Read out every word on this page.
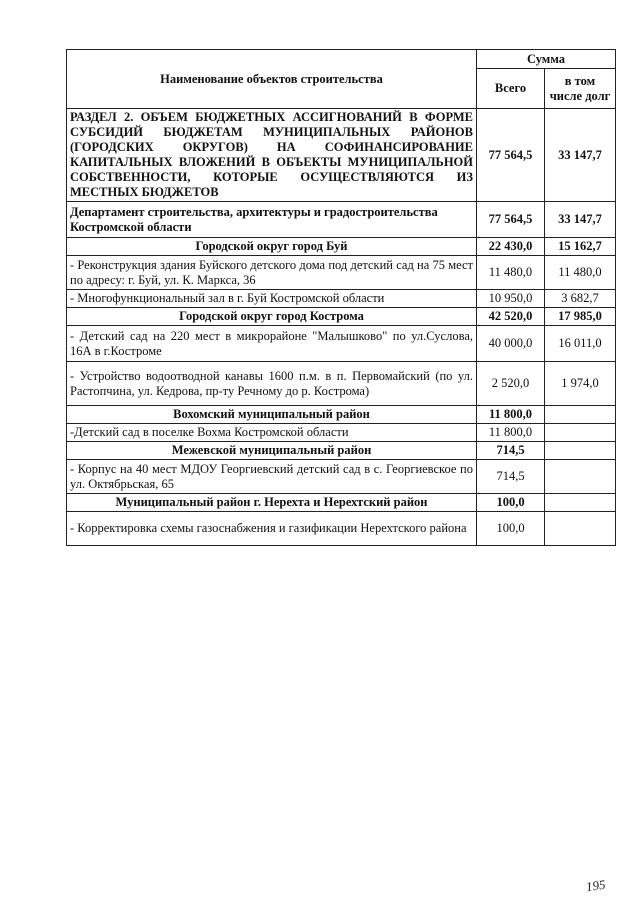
Наименование объектов строительства	Сумма	
	Всего	в том числе долг
РАЗДЕЛ 2. ОБЪЕМ БЮДЖЕТНЫХ АССИГНОВАНИЙ В ФОРМЕ СУБСИДИЙ БЮДЖЕТАМ МУНИЦИПАЛЬНЫХ РАЙОНОВ (ГОРОДСКИХ ОКРУГОВ) НА СОФИНАНСИРОВАНИЕ КАПИТАЛЬНЫХ ВЛОЖЕНИЙ В ОБЪЕКТЫ МУНИЦИПАЛЬНОЙ СОБСТВЕННОСТИ, КОТОРЫЕ ОСУЩЕСТВЛЯЮТСЯ ИЗ МЕСТНЫХ БЮДЖЕТОВ	77 564,5	33 147,7
Департамент строительства, архитектуры и градостроительства Костромской области	77 564,5	33 147,7
Городской округ город Буй	22 430,0	15 162,7
- Реконструкция здания Буйского детского дома под детский сад на 75 мест по адресу: г. Буй, ул. К. Маркса, 36	11 480,0	11 480,0
- Многофункциональный зал в г. Буй Костромской области	10 950,0	3 682,7
Городской округ город Кострома	42 520,0	17 985,0
- Детский сад на 220 мест в микрорайоне "Малышково" по ул.Суслова, 16А в г.Костроме	40 000,0	16 011,0
- Устройство водоотводной канавы 1600 п.м. в п. Первомайский (по ул. Растопчина, ул. Кедрова, пр-ту Речному до р. Кострома)	2 520,0	1 974,0
Вохомский муниципальный район	11 800,0	
-Детский сад в поселке Вохма Костромской области	11 800,0	
Межевской муниципальный район	714,5	
- Корпус на 40 мест МДОУ Георгиевский детский сад в с. Георгиевское по ул. Октябрьская, 65	714,5	
Муниципальный район г. Нерехта и Нерехтский район	100,0	
- Корректировка схемы газоснабжения и газификации Нерехтского района	100,0	
195
